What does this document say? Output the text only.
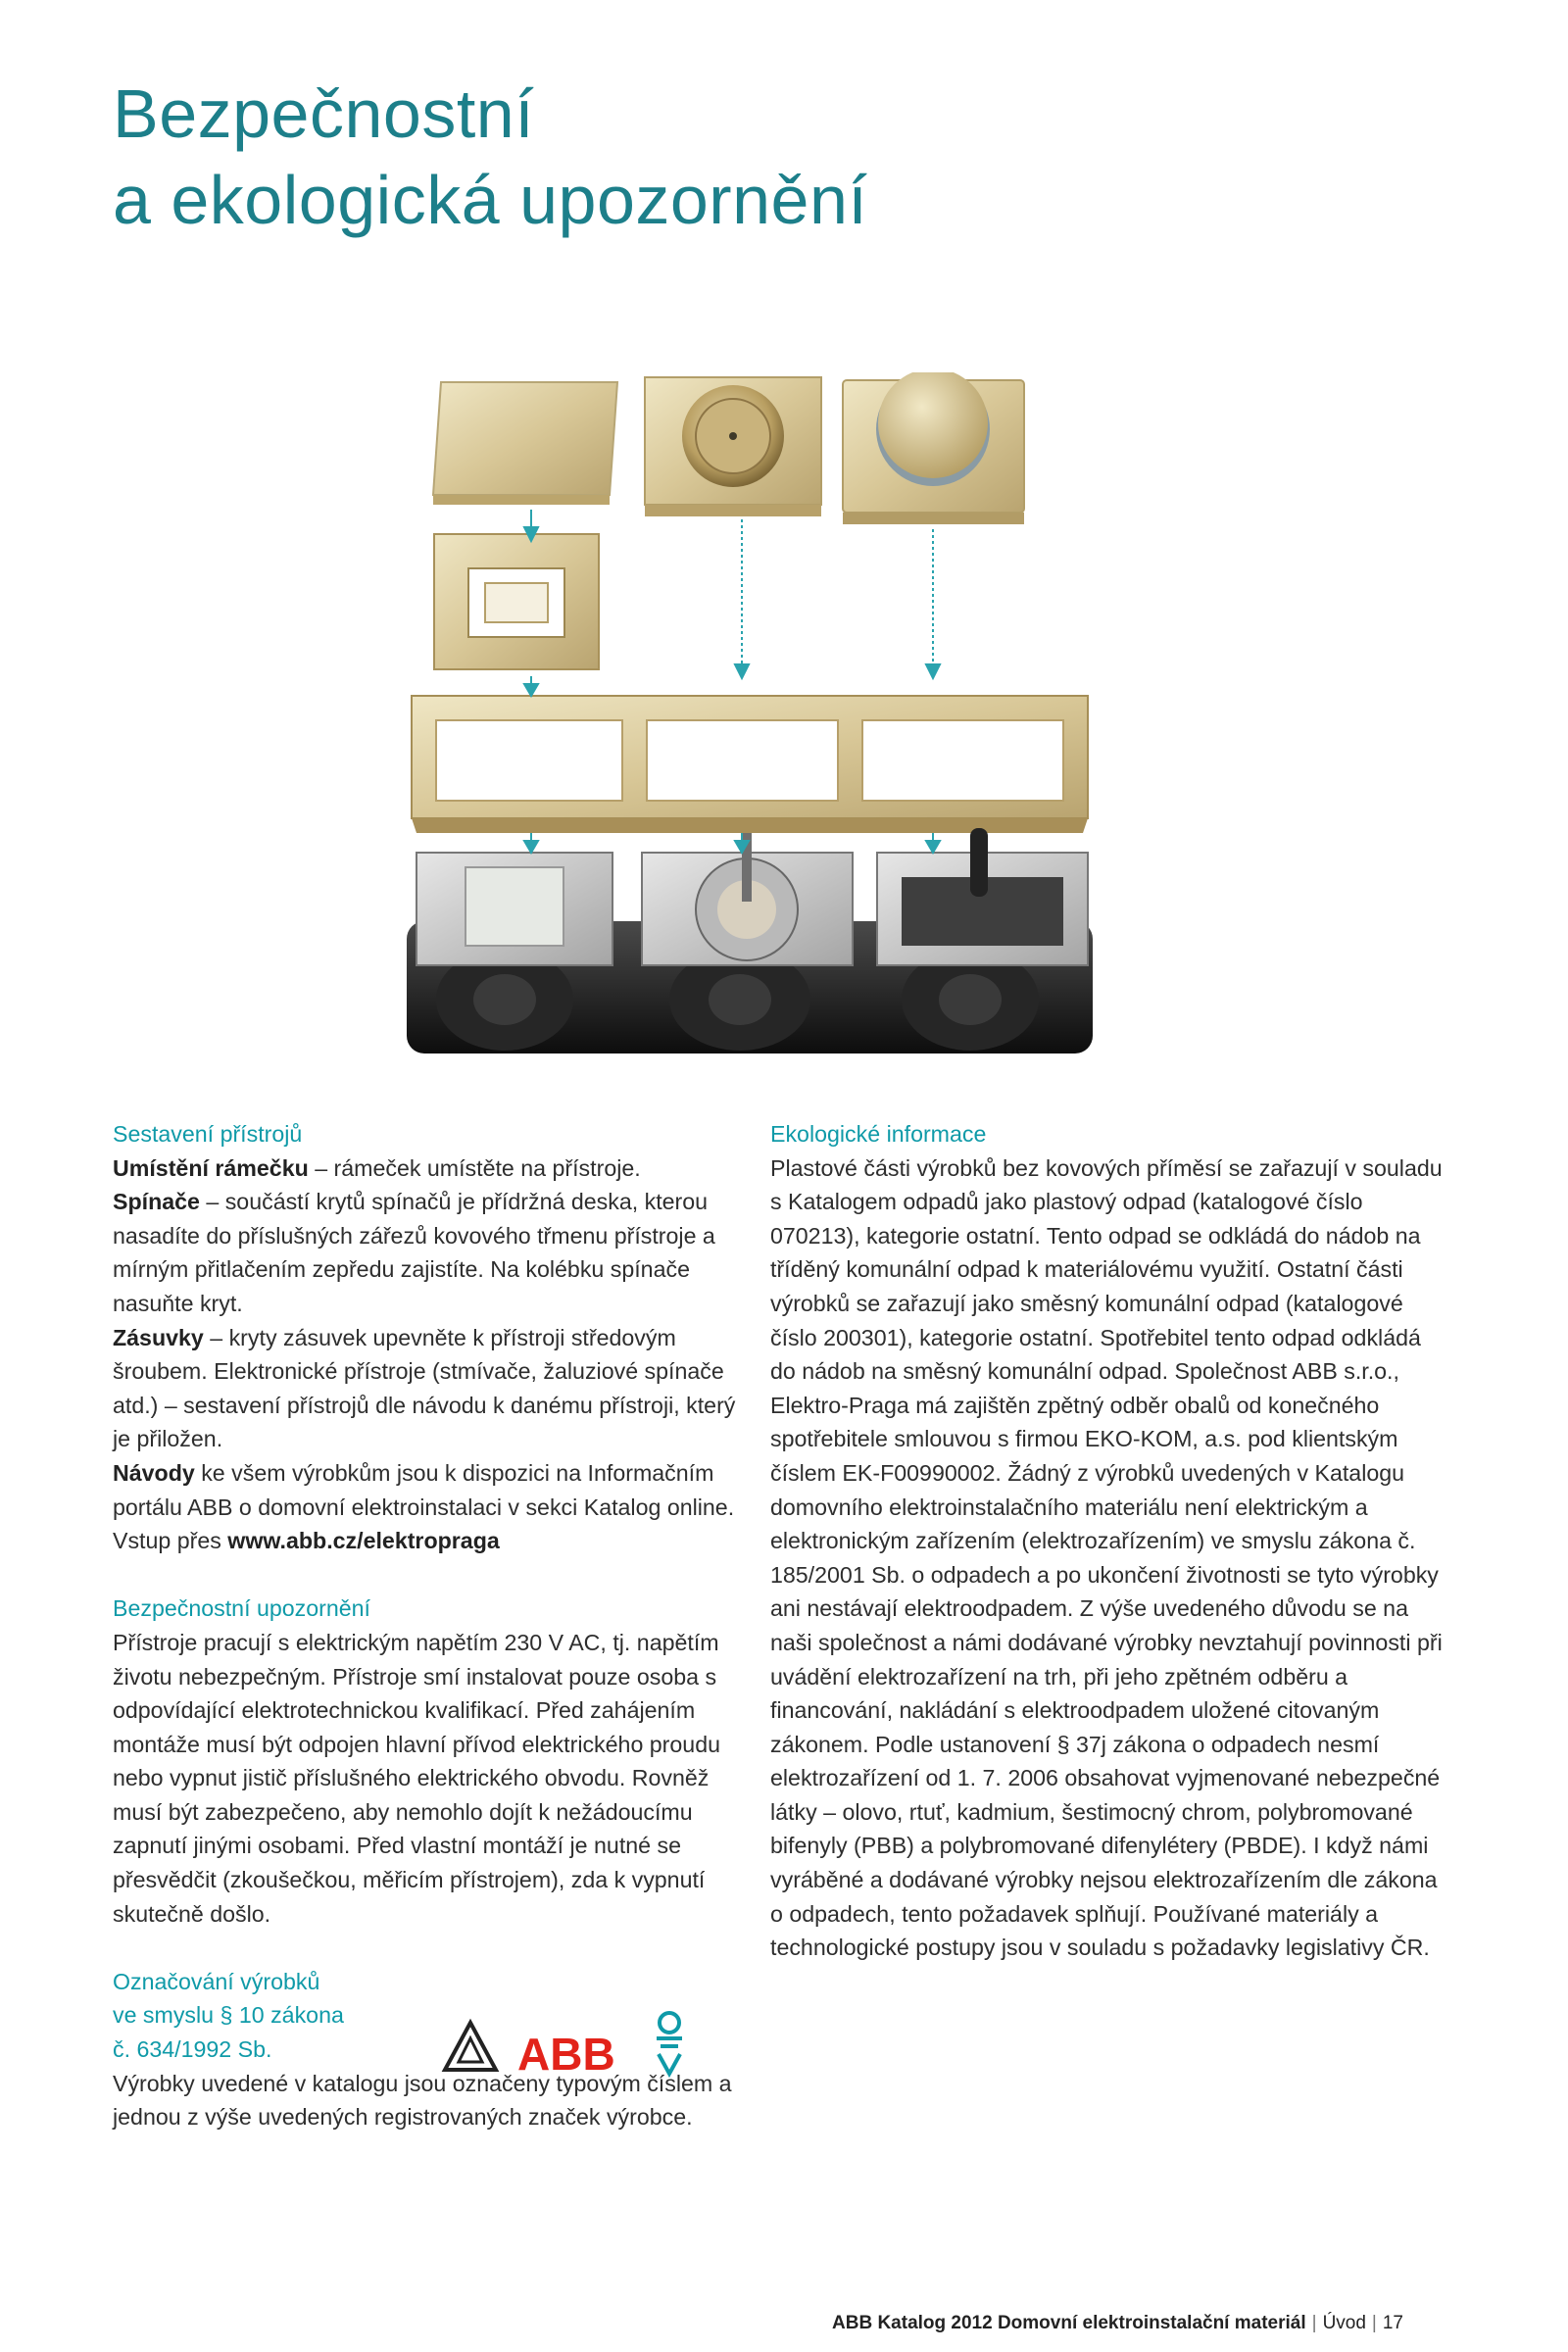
Bezpečnostní
a ekologická upozornění

Sestavení přístrojů

Umístění rámečku – rámeček umístěte na přístroje.

Spínače – součástí krytů spínačů je přídržná deska, kterou nasadíte do příslušných zářezů kovového třmenu přístroje a mírným přitlačením zepředu zajistíte. Na kolébku spínače nasuňte kryt.

Zásuvky – kryty zásuvek upevněte k přístroji středovým šroubem. Elektronické přístroje (stmívače, žaluziové spínače atd.) – sestavení přístrojů dle návodu k danému přístroji, který je přiložen.

Návody ke všem výrobkům jsou k dispozici na Informačním portálu ABB o domovní elektroinstalaci v sekci Katalog online.

Vstup přes www.abb.cz/elektropraga

Bezpečnostní upozornění

Přístroje pracují s elektrickým napětím 230 V AC, tj. napětím životu nebezpečným. Přístroje smí instalovat pouze osoba s odpovídající elektrotechnickou kvalifikací. Před zahájením montáže musí být odpojen hlavní přívod elektrického proudu nebo vypnut jistič příslušného elektrického obvodu. Rovněž musí být zabezpečeno, aby nemohlo dojít k nežádoucímu zapnutí jinými osobami. Před vlastní montáží je nutné se přesvědčit (zkoušečkou, měřicím přístrojem), zda k vypnutí skutečně došlo.

Označování výrobků

ve smyslu § 10 zákona

č. 634/1992 Sb.

Výrobky uvedené v katalogu jsou označeny typovým číslem a jednou z výše uvedených registrovaných značek výrobce.

ABB

Ekologické informace

Plastové části výrobků bez kovových příměsí se zařazují v souladu s Katalogem odpadů jako plastový odpad (katalogové číslo 070213), kategorie ostatní. Tento odpad se odkládá do nádob na tříděný komunální odpad k materiálovému využití. Ostatní části výrobků se zařazují jako směsný komunální odpad (katalogové číslo 200301), kategorie ostatní. Spotřebitel tento odpad odkládá do nádob na směsný komunální odpad. Společnost ABB s.r.o., Elektro-Praga má zajištěn zpětný odběr obalů od konečného spotřebitele smlouvou s firmou EKO-KOM, a.s. pod klientským číslem EK-F00990002. Žádný z výrobků uvedených v Katalogu domovního elektroinstalačního materiálu není elektrickým a elektronickým zařízením (elektrozařízením) ve smyslu zákona č. 185/2001 Sb. o odpadech a po ukončení životnosti se tyto výrobky ani nestávají elektroodpadem. Z výše uvedeného důvodu se na naši společnost a námi dodávané výrobky nevztahují povinnosti při uvádění elektrozařízení na trh, při jeho zpětném odběru a financování, nakládání s elektroodpadem uložené citovaným zákonem. Podle ustanovení § 37j zákona o odpadech nesmí elektrozařízení od 1. 7. 2006 obsahovat vyjmenované nebezpečné látky – olovo, rtuť, kadmium, šestimocný chrom, polybromované bifenyly (PBB) a polybromované difenylétery (PBDE). I když námi vyráběné a dodávané výrobky nejsou elektrozařízením dle zákona o odpadech, tento požadavek splňují. Používané materiály a technologické postupy jsou v souladu s požadavky legislativy ČR.

ABB Katalog 2012 Domovní elektroinstalační materiál | Úvod | 17
